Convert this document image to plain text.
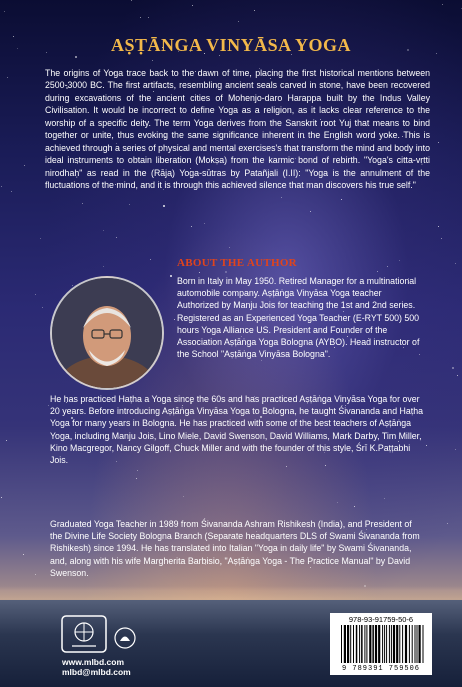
AṢṬĀNGA VINYĀSA YOGA
The origins of Yoga trace back to the dawn of time, placing the first historical mentions between 2500-3000 BC. The first artifacts, resembling ancient seals carved in stone, have been recovered during excavations of the ancient cities of Mohenjo-daro Harappa built by the Indus Valley Civilisation. It would be incorrect to define Yoga as a religion, as it lacks clear reference to the worship of a specific deity. The term Yoga derives from the Sanskrit root Yuj that means to bind together or unite, thus evoking the same significance inherent in the English word yoke. This is achieved through a series of physical and mental exercises's that transform the mind and body into ideal instruments to obtain liberation (Mokṣa) from the karmic bond of rebirth. "Yoga's citta-vṛtti nirodhaḥ" as read in the (Rāja) Yoga-sūtras by Patañjali (I.II): "Yoga is the annulment of the fluctuations of the mind, and it is through this achieved silence that man discovers his true self."
ABOUT THE AUTHOR
Born in Italy in May 1950. Retired Manager for a multinational automobile company. Aṣṭāṅga Vinyāsa Yoga teacher Authorized by Manju Jois for teaching the 1st and 2nd series. Registered as an Experienced Yoga Teacher (E-RYT 500) 500 hours Yoga Alliance US. President and Founder of the Association Aṣṭāṅga Yoga Bologna (AYBO). Head instructor of the School "Aṣṭāṅga Vinyāsa Bologna".
He has practiced Haṭha a Yoga since the 60s and has practiced Aṣṭāṅga Vinyāsa Yoga for over 20 years. Before introducing Aṣṭāṅga Vinyāsa Yoga to Bologna, he taught Śivananda and Haṭha Yoga for many years in Bologna. He has practiced with some of the best teachers of Aṣṭāṅga Yoga, including Manju Jois, Lino Miele, David Swenson, David Williams, Mark Darby, Tim Miller, Kino Macgregor, Nancy Gilgoff, Chuck Miller and with the founder of this style, Śrī K.Paṭṭabhi Jois.
Graduated Yoga Teacher in 1989 from Śivananda Ashram Rishikesh (India), and President of the Divine Life Society Bologna Branch (Separate headquarters DLS of Swami Śivananda from Rishikesh) since 1994. He has translated into Italian "Yoga in daily life" by Swami Śivananda, and, along with his wife Margherita Barbisio, "Aṣṭāṅga Yoga - The Practice Manual" by David Swenson.
www.mlbd.com
mlbd@mlbd.com
978-93-91759-50-6
9 789391 759506
